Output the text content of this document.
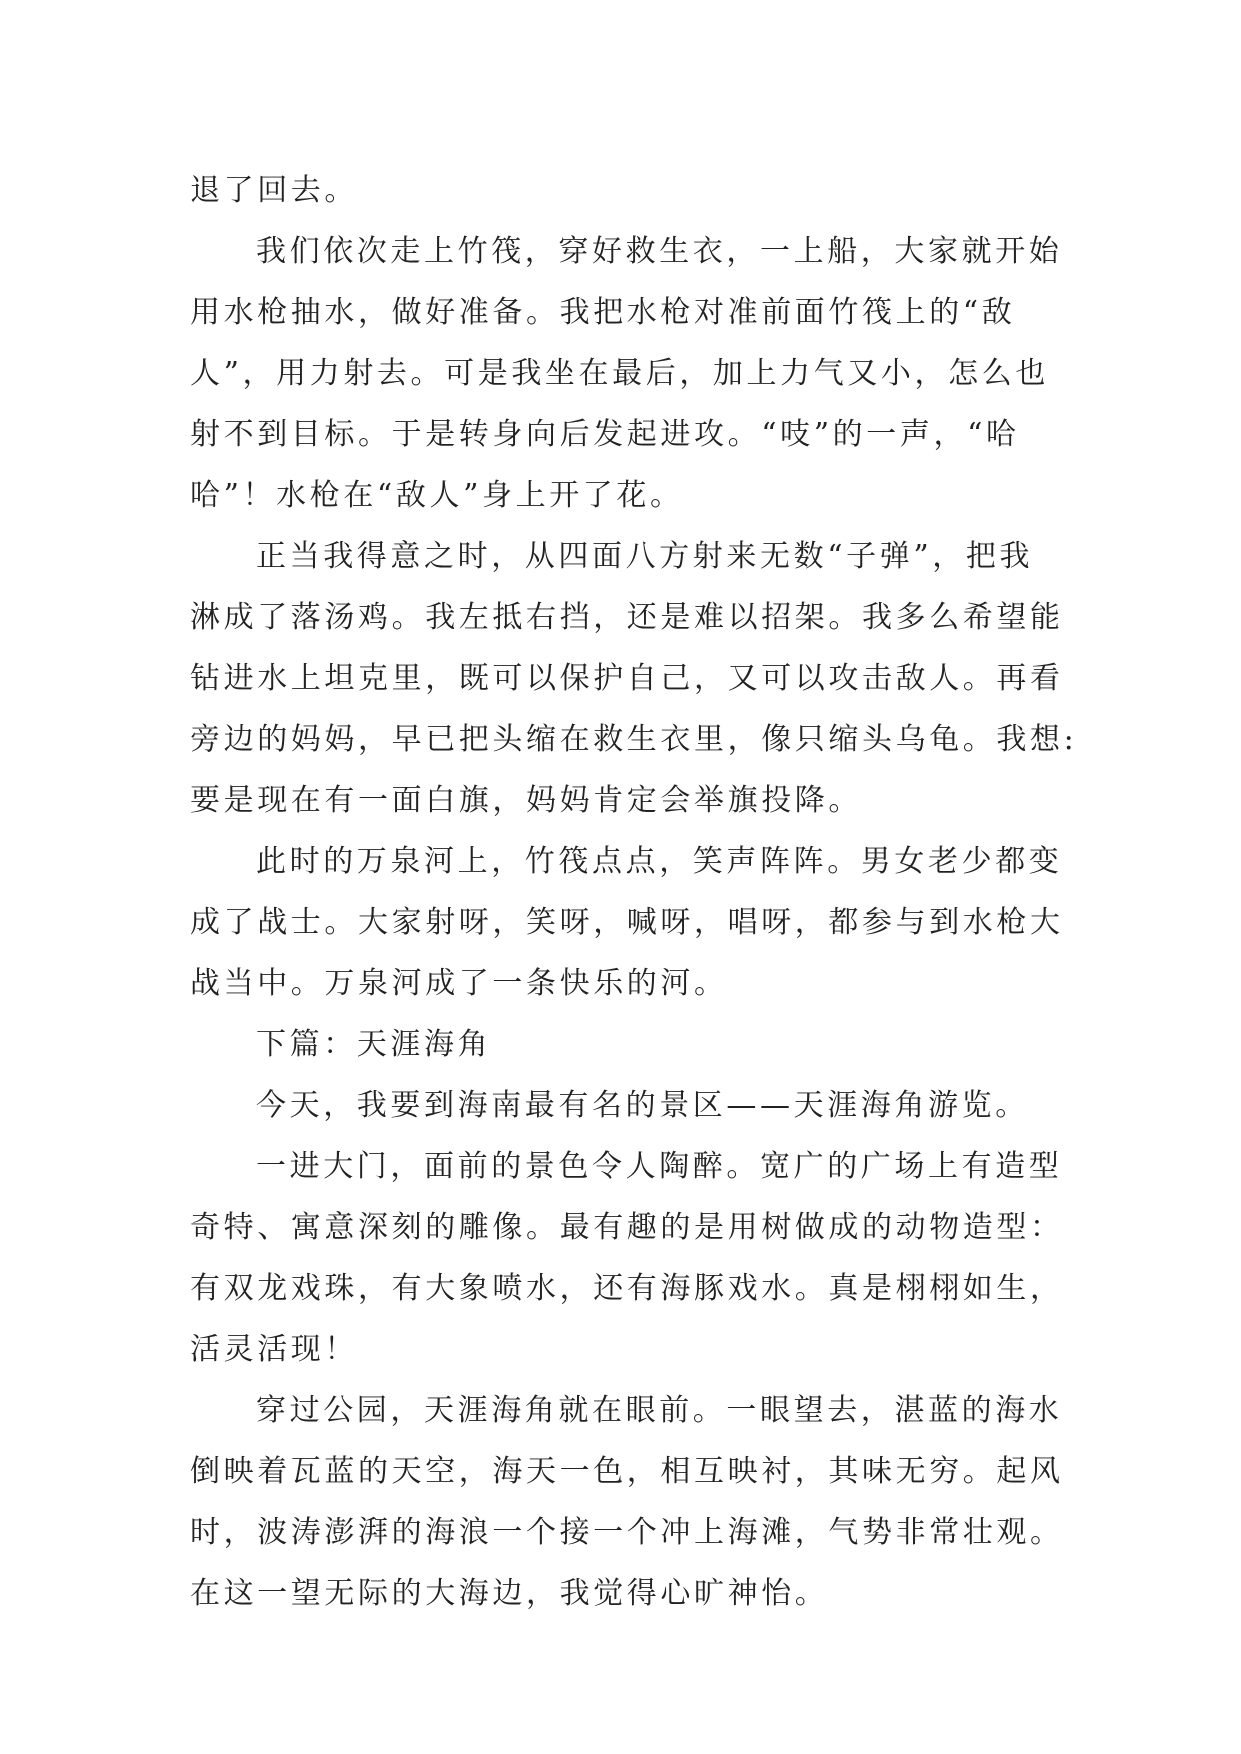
退了回去。
我们依次走上竹筏，穿好救生衣，一上船，大家就开始
用水枪抽水，做好准备。我把水枪对准前面竹筏上的“敌
人”，用力射去。可是我坐在最后，加上力气又小，怎么也
射不到目标。于是转身向后发起进攻。“吱”的一声，“哈
哈”！水枪在“敌人”身上开了花。
正当我得意之时，从四面八方射来无数“子弹”，把我
淋成了落汤鸡。我左抵右挡，还是难以招架。我多么希望能
钻进水上坦克里，既可以保护自己，又可以攻击敌人。再看
旁边的妈妈，早已把头缩在救生衣里，像只缩头乌龟。我想:
要是现在有一面白旗，妈妈肯定会举旗投降。
此时的万泉河上，竹筏点点，笑声阵阵。男女老少都变
成了战士。大家射呀，笑呀，喊呀，唱呀，都参与到水枪大
战当中。万泉河成了一条快乐的河。
下篇：天涯海角
今天，我要到海南最有名的景区——天涯海角游览。
一进大门，面前的景色令人陶醉。宽广的广场上有造型
奇特、寓意深刻的雕像。最有趣的是用树做成的动物造型：
有双龙戏珠，有大象喷水，还有海豚戏水。真是栩栩如生，
活灵活现！
穿过公园，天涯海角就在眼前。一眼望去，湛蓝的海水
倒映着瓦蓝的天空，海天一色，相互映衬，其味无穷。起风
时，波涛澎湃的海浪一个接一个冲上海滩，气势非常壮观。
在这一望无际的大海边，我觉得心旷神怡。
